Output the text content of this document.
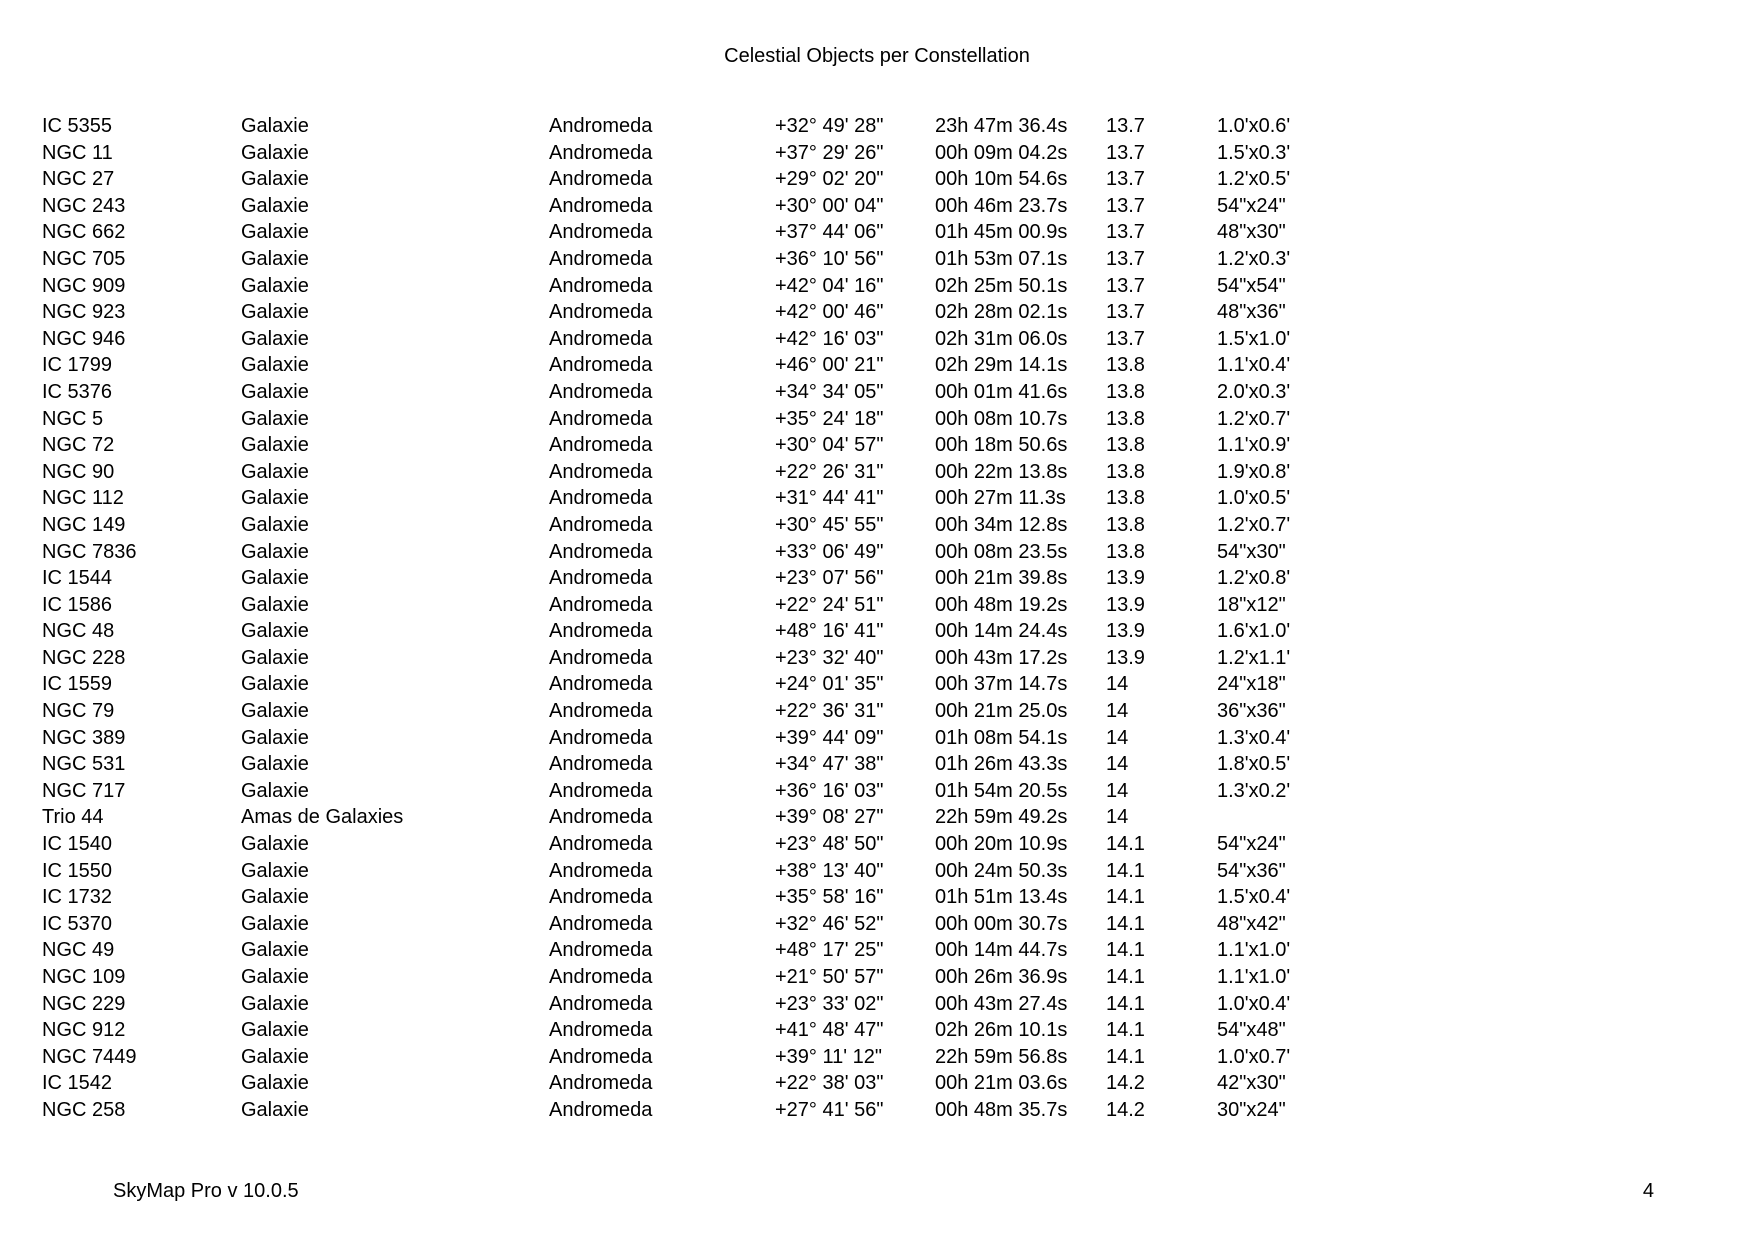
Celestial Objects per Constellation
IC 5355	Galaxie	Andromeda	+32° 49' 28"	23h 47m 36.4s 13.7	1.0'x0.6'
NGC 11	Galaxie	Andromeda	+37° 29' 26"	00h 09m 04.2s 13.7	1.5'x0.3'
NGC 27	Galaxie	Andromeda	+29° 02' 20"	00h 10m 54.6s 13.7	1.2'x0.5'
NGC 243	Galaxie	Andromeda	+30° 00' 04"	00h 46m 23.7s 13.7	54"x24"
NGC 662	Galaxie	Andromeda	+37° 44' 06"	01h 45m 00.9s 13.7	48"x30"
NGC 705	Galaxie	Andromeda	+36° 10' 56"	01h 53m 07.1s 13.7	1.2'x0.3'
NGC 909	Galaxie	Andromeda	+42° 04' 16"	02h 25m 50.1s 13.7	54"x54"
NGC 923	Galaxie	Andromeda	+42° 00' 46"	02h 28m 02.1s 13.7	48"x36"
NGC 946	Galaxie	Andromeda	+42° 16' 03"	02h 31m 06.0s 13.7	1.5'x1.0'
IC 1799	Galaxie	Andromeda	+46° 00' 21"	02h 29m 14.1s 13.8	1.1'x0.4'
IC 5376	Galaxie	Andromeda	+34° 34' 05"	00h 01m 41.6s 13.8	2.0'x0.3'
NGC 5	Galaxie	Andromeda	+35° 24' 18"	00h 08m 10.7s 13.8	1.2'x0.7'
NGC 72	Galaxie	Andromeda	+30° 04' 57"	00h 18m 50.6s 13.8	1.1'x0.9'
NGC 90	Galaxie	Andromeda	+22° 26' 31"	00h 22m 13.8s 13.8	1.9'x0.8'
NGC 112	Galaxie	Andromeda	+31° 44' 41"	00h 27m 11.3s 13.8	1.0'x0.5'
NGC 149	Galaxie	Andromeda	+30° 45' 55"	00h 34m 12.8s 13.8	1.2'x0.7'
NGC 7836	Galaxie	Andromeda	+33° 06' 49"	00h 08m 23.5s 13.8	54"x30"
IC 1544	Galaxie	Andromeda	+23° 07' 56"	00h 21m 39.8s 13.9	1.2'x0.8'
IC 1586	Galaxie	Andromeda	+22° 24' 51"	00h 48m 19.2s 13.9	18"x12"
NGC 48	Galaxie	Andromeda	+48° 16' 41"	00h 14m 24.4s 13.9	1.6'x1.0'
NGC 228	Galaxie	Andromeda	+23° 32' 40"	00h 43m 17.2s 13.9	1.2'x1.1'
IC 1559	Galaxie	Andromeda	+24° 01' 35"	00h 37m 14.7s 14	24"x18"
NGC 79	Galaxie	Andromeda	+22° 36' 31"	00h 21m 25.0s 14	36"x36"
NGC 389	Galaxie	Andromeda	+39° 44' 09"	01h 08m 54.1s 14	1.3'x0.4'
NGC 531	Galaxie	Andromeda	+34° 47' 38"	01h 26m 43.3s 14	1.8'x0.5'
NGC 717	Galaxie	Andromeda	+36° 16' 03"	01h 54m 20.5s 14	1.3'x0.2'
Trio 44	Amas de Galaxies	Andromeda	+39° 08' 27"	22h 59m 49.2s 14
IC 1540	Galaxie	Andromeda	+23° 48' 50"	00h 20m 10.9s 14.1	54"x24"
IC 1550	Galaxie	Andromeda	+38° 13' 40"	00h 24m 50.3s 14.1	54"x36"
IC 1732	Galaxie	Andromeda	+35° 58' 16"	01h 51m 13.4s 14.1	1.5'x0.4'
IC 5370	Galaxie	Andromeda	+32° 46' 52"	00h 00m 30.7s 14.1	48"x42"
NGC 49	Galaxie	Andromeda	+48° 17' 25"	00h 14m 44.7s 14.1	1.1'x1.0'
NGC 109	Galaxie	Andromeda	+21° 50' 57"	00h 26m 36.9s 14.1	1.1'x1.0'
NGC 229	Galaxie	Andromeda	+23° 33' 02"	00h 43m 27.4s 14.1	1.0'x0.4'
NGC 912	Galaxie	Andromeda	+41° 48' 47"	02h 26m 10.1s 14.1	54"x48"
NGC 7449	Galaxie	Andromeda	+39° 11' 12"	22h 59m 56.8s 14.1	1.0'x0.7'
IC 1542	Galaxie	Andromeda	+22° 38' 03"	00h 21m 03.6s 14.2	42"x30"
NGC 258	Galaxie	Andromeda	+27° 41' 56"	00h 48m 35.7s 14.2	30"x24"
SkyMap Pro v 10.0.5	4
